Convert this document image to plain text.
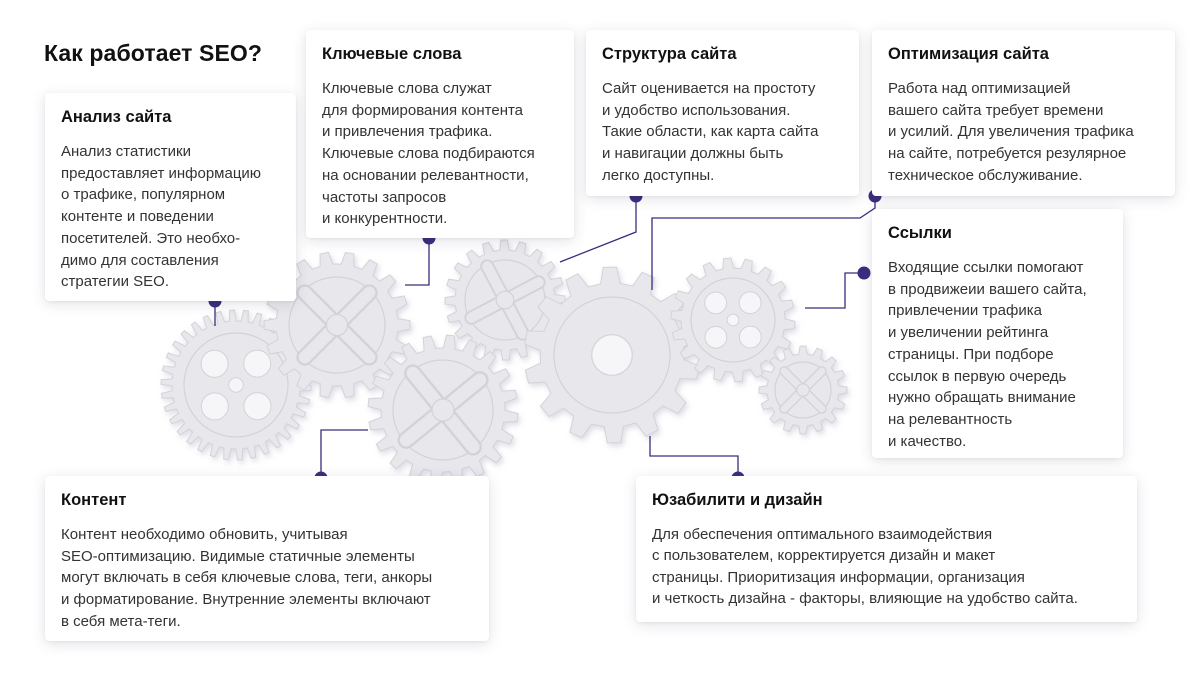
Как работает SEO?
Анализ сайта

Анализ статистики
предоставляет информацию
о трафике, популярном
контенте и поведении
посетителей. Это необхо-
димо для составления
стратегии SEO.

Ключевые слова

Ключевые слова служат
для формирования контента
и привлечения трафика.
Ключевые слова подбираются
на основании релевантности,
частоты запросов
и конкурентности.

Структура сайта

Сайт оценивается на простоту
и удобство использования.
Такие области, как карта сайта
и навигации должны быть
легко доступны.

Оптимизация сайта

Работа над оптимизацией
вашего сайта требует времени
и усилий. Для увеличения трафика
на сайте, потребуется резулярное
техническое обслуживание.

Ссылки

Входящие ссылки помогают
в продвижеии вашего сайта,
привлечении трафика
и увеличении рейтинга
страницы. При подборе
ссылок в первую очередь
нужно обращать внимание
на релевантность
и качество.

Контент

Контент необходимо обновить, учитывая
SEO-оптимизацию. Видимые статичные элементы
могут включать в себя ключевые слова, теги, анкоры
и форматирование. Внутренние элементы включают
в себя мета-теги.

Юзабилити и дизайн

Для обеспечения оптимального взаимодействия
с пользователем, корректируется дизайн и макет
страницы. Приоритизация информации, организация
и четкость дизайна - факторы, влияющие на удобство сайта.
